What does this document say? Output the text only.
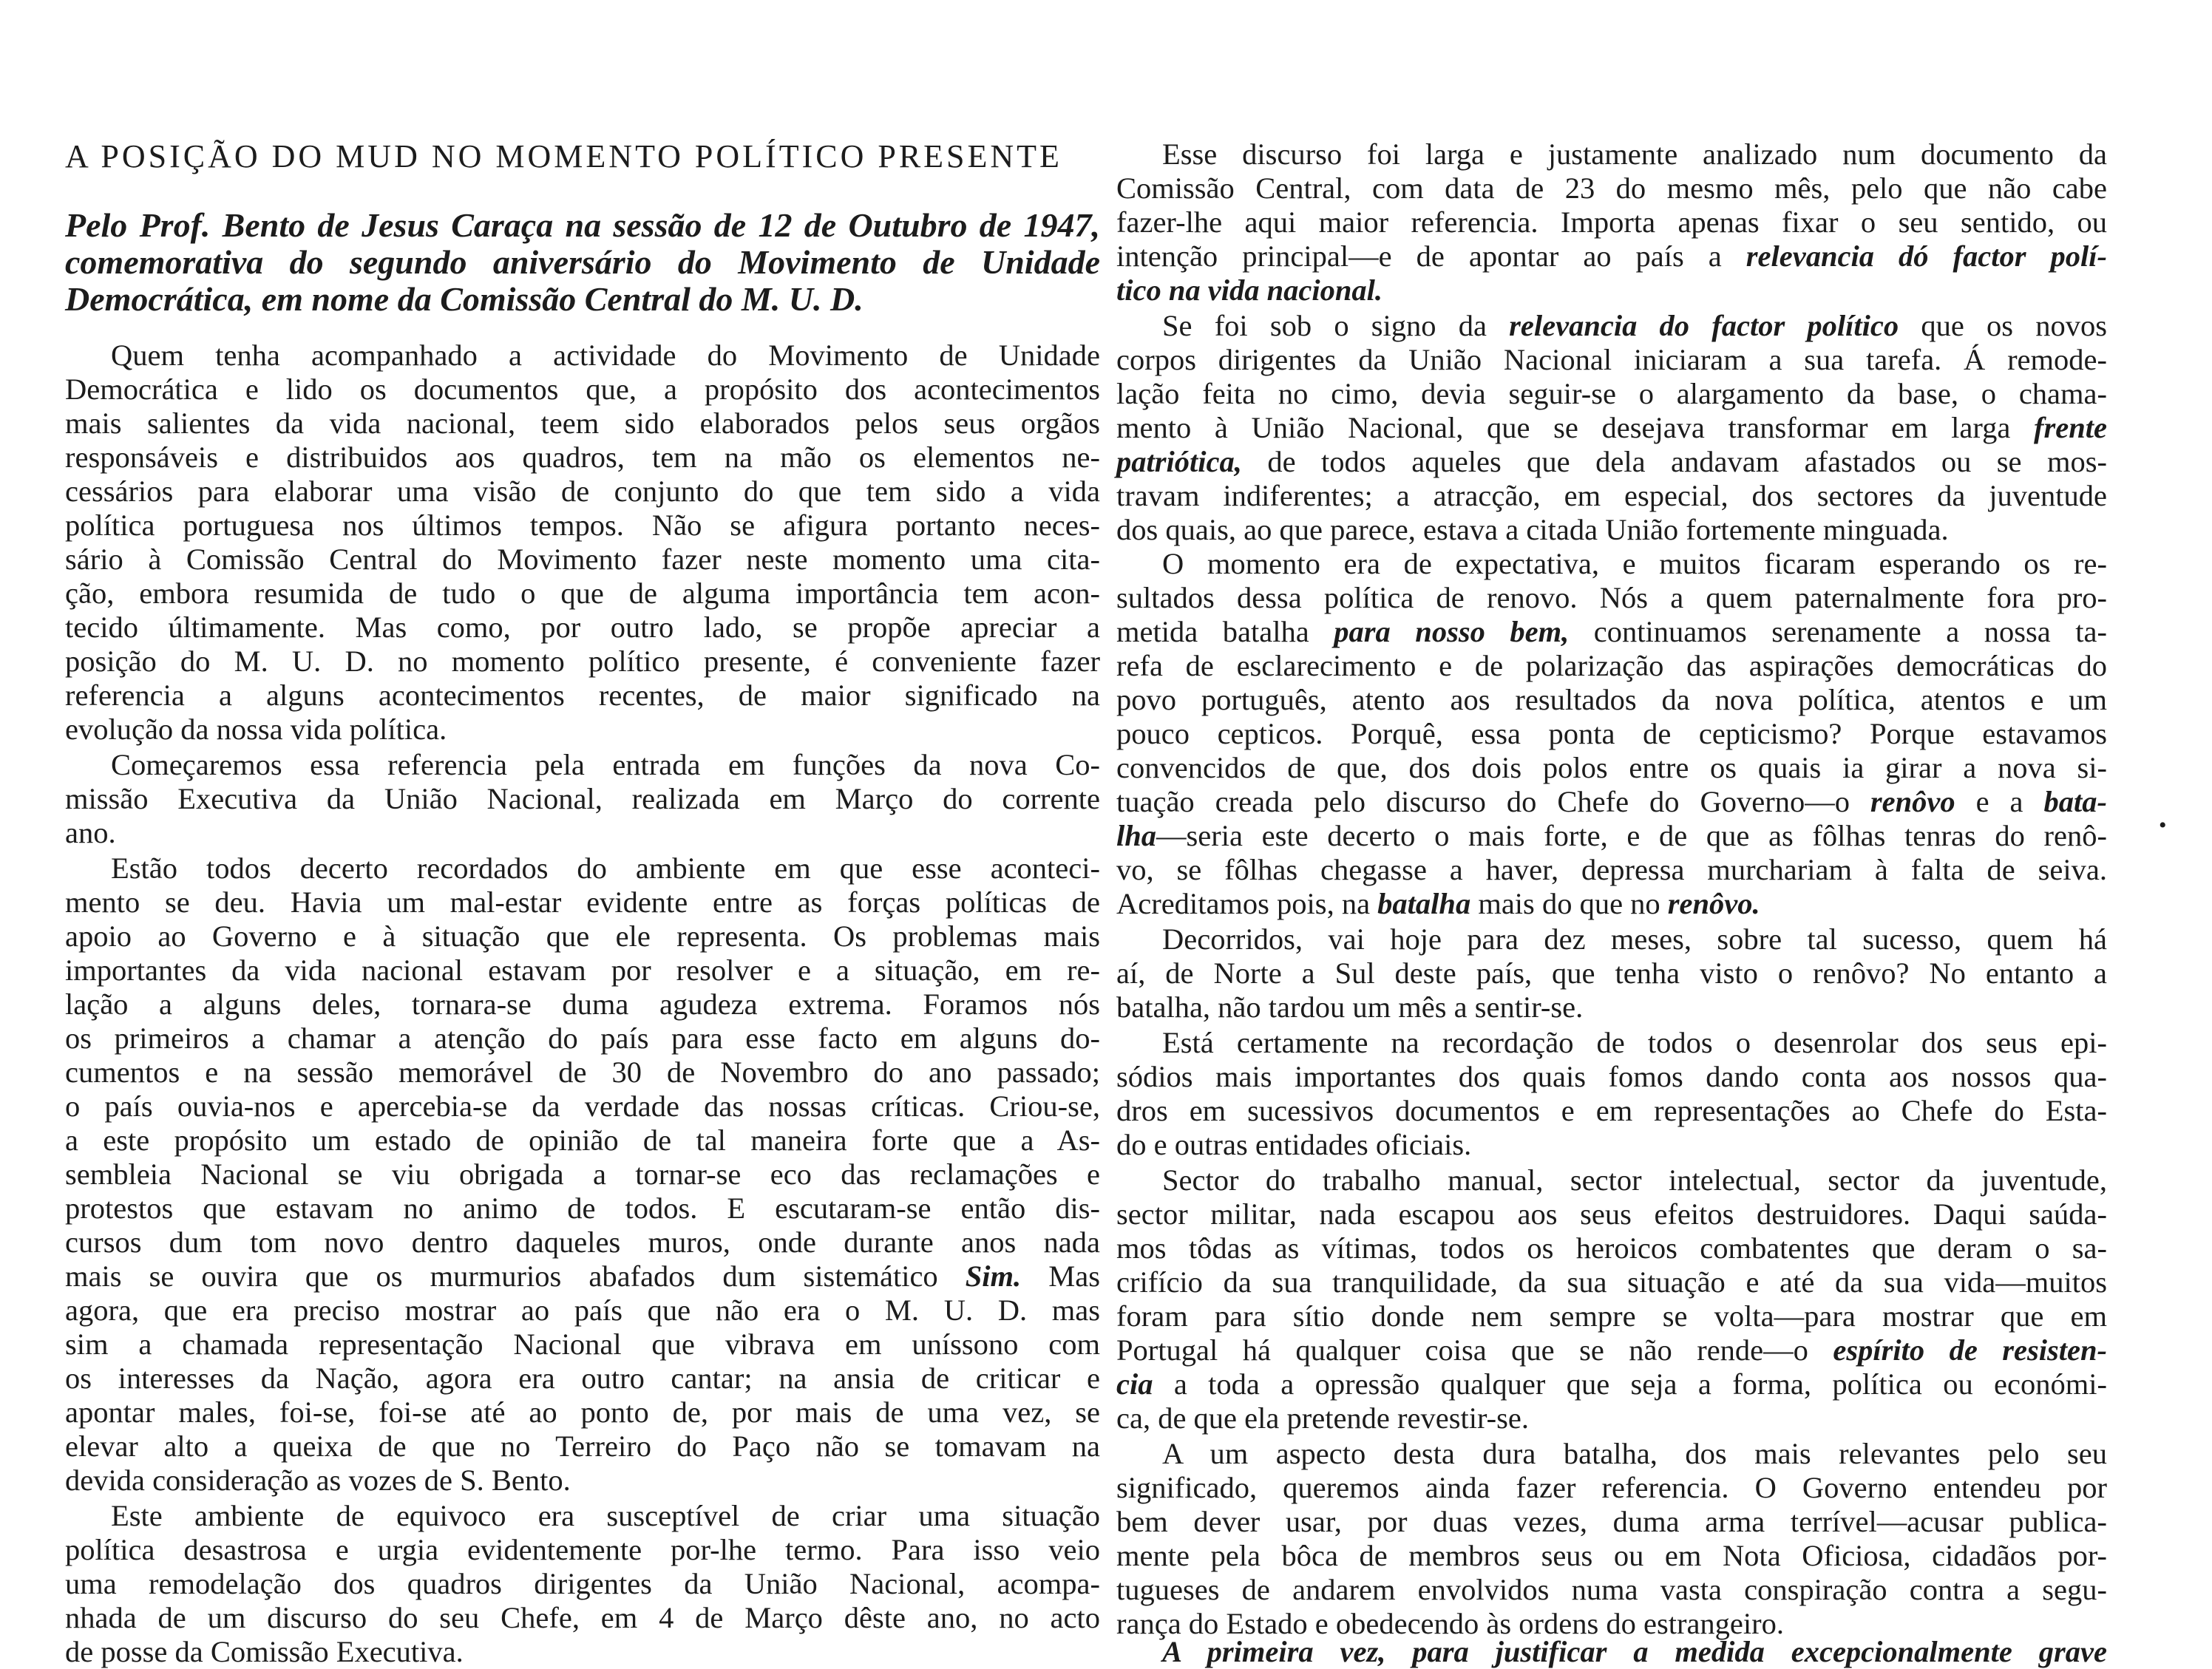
A POSIÇÃO DO MUD NO MOMENTO POLÍTICO PRESENTE
Pelo Prof. Bento de Jesus Caraça na sessão de 12 de Outubro de 1947, comemorativa do segundo aniversário do Movimento de Unidade Democrática, em nome da Comissão Central do M. U. D.
Quem tenha acompanhado a actividade do Movimento de Unidade
Democrática e lido os documentos que, a propósito dos acontecimentos
mais salientes da vida nacional, teem sido elaborados pelos seus orgãos
responsáveis e distribuidos aos quadros, tem na mão os elementos ne-
cessários para elaborar uma visão de conjunto do que tem sido a vida
política portuguesa nos últimos tempos. Não se afigura portanto neces-
sário à Comissão Central do Movimento fazer neste momento uma cita-
ção, embora resumida de tudo o que de alguma importância tem acon-
tecido últimamente. Mas como, por outro lado, se propõe apreciar a
posição do M. U. D. no momento político presente, é conveniente fazer
referencia a alguns acontecimentos recentes, de maior significado na
evolução da nossa vida política.
Começaremos essa referencia pela entrada em funções da nova Co-
missão Executiva da União Nacional, realizada em Março do corrente
ano.
Estão todos decerto recordados do ambiente em que esse aconteci-
mento se deu. Havia um mal-estar evidente entre as forças políticas de
apoio ao Governo e à situação que ele representa. Os problemas mais
importantes da vida nacional estavam por resolver e a situação, em re-
lação a alguns deles, tornara-se duma agudeza extrema. Foramos nós
os primeiros a chamar a atenção do país para esse facto em alguns do-
cumentos e na sessão memorável de 30 de Novembro do ano passado;
o país ouvia-nos e apercebia-se da verdade das nossas críticas. Criou-se,
a este propósito um estado de opinião de tal maneira forte que a As-
sembleia Nacional se viu obrigada a tornar-se eco das reclamações e
protestos que estavam no animo de todos. E escutaram-se então dis-
cursos dum tom novo dentro daqueles muros, onde durante anos nada
mais se ouvira que os murmurios abafados dum sistemático Sim. Mas
agora, que era preciso mostrar ao país que não era o M. U. D. mas
sim a chamada representação Nacional que vibrava em uníssono com
os interesses da Nação, agora era outro cantar; na ansia de criticar e
apontar males, foi-se, foi-se até ao ponto de, por mais de uma vez, se
elevar alto a queixa de que no Terreiro do Paço não se tomavam na
devida consideração as vozes de S. Bento.
Este ambiente de equivoco era susceptível de criar uma situação
política desastrosa e urgia evidentemente por-lhe termo. Para isso veio
uma remodelação dos quadros dirigentes da União Nacional, acompa-
nhada de um discurso do seu Chefe, em 4 de Março dêste ano, no acto
de posse da Comissão Executiva.
Esse discurso foi larga e justamente analizado num documento da
Comissão Central, com data de 23 do mesmo mês, pelo que não cabe
fazer-lhe aqui maior referencia. Importa apenas fixar o seu sentido, ou
intenção principal—e de apontar ao país a relevancia dó factor polí-
tico na vida nacional.
Se foi sob o signo da relevancia do factor político que os novos
corpos dirigentes da União Nacional iniciaram a sua tarefa. Á remode-
lação feita no cimo, devia seguir-se o alargamento da base, o chama-
mento à União Nacional, que se desejava transformar em larga frente
patriótica, de todos aqueles que dela andavam afastados ou se mos-
travam indiferentes; a atracção, em especial, dos sectores da juventude
dos quais, ao que parece, estava a citada União fortemente minguada.
O momento era de expectativa, e muitos ficaram esperando os re-
sultados dessa política de renovo. Nós a quem paternalmente fora pro-
metida batalha para nosso bem, continuamos serenamente a nossa ta-
refa de esclarecimento e de polarização das aspirações democráticas do
povo português, atento aos resultados da nova política, atentos e um
pouco cepticos. Porquê, essa ponta de cepticismo? Porque estavamos
convencidos de que, dos dois polos entre os quais ia girar a nova si-
tuação creada pelo discurso do Chefe do Governo—o renôvo e a bata-
lha—seria este decerto o mais forte, e de que as fôlhas tenras do renô-
vo, se fôlhas chegasse a haver, depressa murchariam à falta de seiva.
Acreditamos pois, na batalha mais do que no renôvo.
Decorridos, vai hoje para dez meses, sobre tal sucesso, quem há
aí, de Norte a Sul deste país, que tenha visto o renôvo? No entanto a
batalha, não tardou um mês a sentir-se.
Está certamente na recordação de todos o desenrolar dos seus epi-
sódios mais importantes dos quais fomos dando conta aos nossos qua-
dros em sucessivos documentos e em representações ao Chefe do Esta-
do e outras entidades oficiais.
Sector do trabalho manual, sector intelectual, sector da juventude,
sector militar, nada escapou aos seus efeitos destruidores. Daqui saúda-
mos tôdas as vítimas, todos os heroicos combatentes que deram o sa-
crifício da sua tranquilidade, da sua situação e até da sua vida—muitos
foram para sítio donde nem sempre se volta—para mostrar que em
Portugal há qualquer coisa que se não rende—o espírito de resisten-
cia a toda a opressão qualquer que seja a forma, política ou económi-
ca, de que ela pretende revestir-se.
A um aspecto desta dura batalha, dos mais relevantes pelo seu
significado, queremos ainda fazer referencia. O Governo entendeu por
bem dever usar, por duas vezes, duma arma terrível—acusar publica-
mente pela bôca de membros seus ou em Nota Oficiosa, cidadãos por-
tugueses de andarem envolvidos numa vasta conspiração contra a segu-
rança do Estado e obedecendo às ordens do estrangeiro.
A primeira vez, para justificar a medida excepcionalmente grave
•
